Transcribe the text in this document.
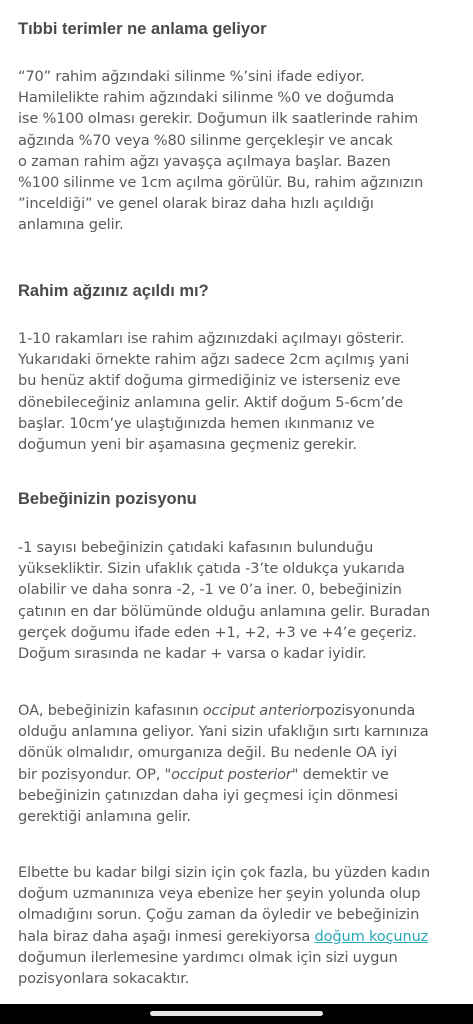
Tıbbi terimler ne anlama geliyor

“70” rahim ağzındaki silinme %’sini ifade ediyor.
Hamilelikte rahim ağzındaki silinme %0 ve doğumda
ise %100 olması gerekir. Doğumun ilk saatlerinde rahim
ağzında %70 veya %80 silinme gerçekleşir ve ancak
o zaman rahim ağzı yavaşça açılmaya başlar. Bazen
%100 silinme ve 1cm açılma görülür. Bu, rahim ağzınızın
”inceldiği” ve genel olarak biraz daha hızlı açıldığı
anlamına gelir.

Rahim ağzınız açıldı mı?

1-10 rakamları ise rahim ağzınızdaki açılmayı gösterir.
Yukarıdaki örnekte rahim ağzı sadece 2cm açılmış yani
bu henüz aktif doğuma girmediğiniz ve isterseniz eve
dönebileceğiniz anlamına gelir. Aktif doğum 5-6cm’de
başlar. 10cm’ye ulaştığınızda hemen ıkınmanız ve
doğumun yeni bir aşamasına geçmeniz gerekir.

Bebeğinizin pozisyonu

-1 sayısı bebeğinizin çatıdaki kafasının bulunduğu
yüksekliktir. Sizin ufaklık çatıda -3’te oldukça yukarıda
olabilir ve daha sonra -2, -1 ve 0’a iner. 0, bebeğinizin
çatının en dar bölümünde olduğu anlamına gelir. Buradan
gerçek doğumu ifade eden +1, +2, +3 ve +4’e geçeriz.
Doğum sırasında ne kadar + varsa o kadar iyidir.

OA, bebeğinizin kafasının occiput anteriorpozisyonunda
olduğu anlamına geliyor. Yani sizin ufaklığın sırtı karnınıza
dönük olmalıdır, omurganıza değil. Bu nedenle OA iyi
bir pozisyondur. OP, "occiput posterior" demektir ve
bebeğinizin çatınızdan daha iyi geçmesi için dönmesi
gerektiği anlamına gelir.

Elbette bu kadar bilgi sizin için çok fazla, bu yüzden kadın
doğum uzmanınıza veya ebenize her şeyin yolunda olup
olmadığını sorun. Çoğu zaman da öyledir ve bebeğinizin
hala biraz daha aşağı inmesi gerekiyorsa doğum koçunuz
doğumun ilerlemesine yardımcı olmak için sizi uygun
pozisyonlara sokacaktır.
